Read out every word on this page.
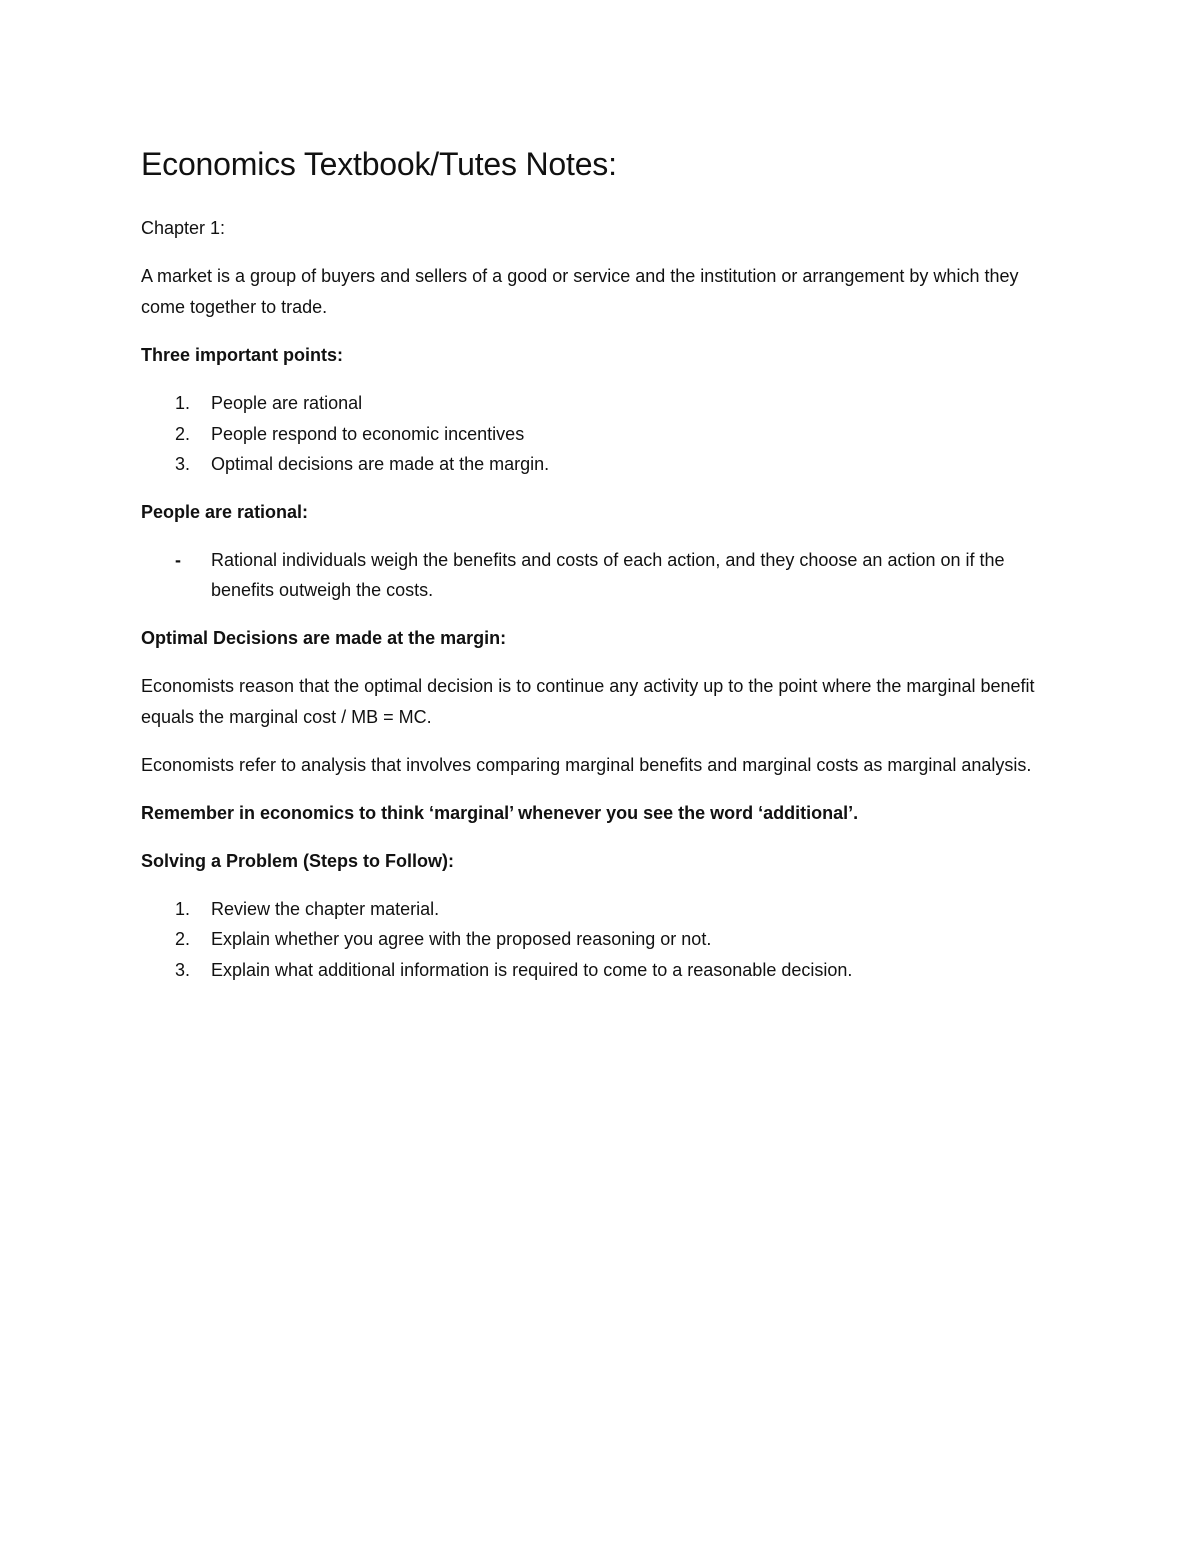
Economics Textbook/Tutes Notes:

Chapter 1:

A market is a group of buyers and sellers of a good or service and the institution or arrangement by which they come together to trade.

Three important points:

1.	People are rational
2.	People respond to economic incentives
3.	Optimal decisions are made at the margin.

People are rational:

- Rational individuals weigh the benefits and costs of each action, and they choose an action on if the benefits outweigh the costs.

Optimal Decisions are made at the margin:

Economists reason that the optimal decision is to continue any activity up to the point where the marginal benefit equals the marginal cost / MB = MC.

Economists refer to analysis that involves comparing marginal benefits and marginal costs as marginal analysis.

Remember in economics to think ‘marginal’ whenever you see the word ‘additional’.

Solving a Problem (Steps to Follow):

1.	Review the chapter material.
2.	Explain whether you agree with the proposed reasoning or not.
3.	Explain what additional information is required to come to a reasonable decision.
